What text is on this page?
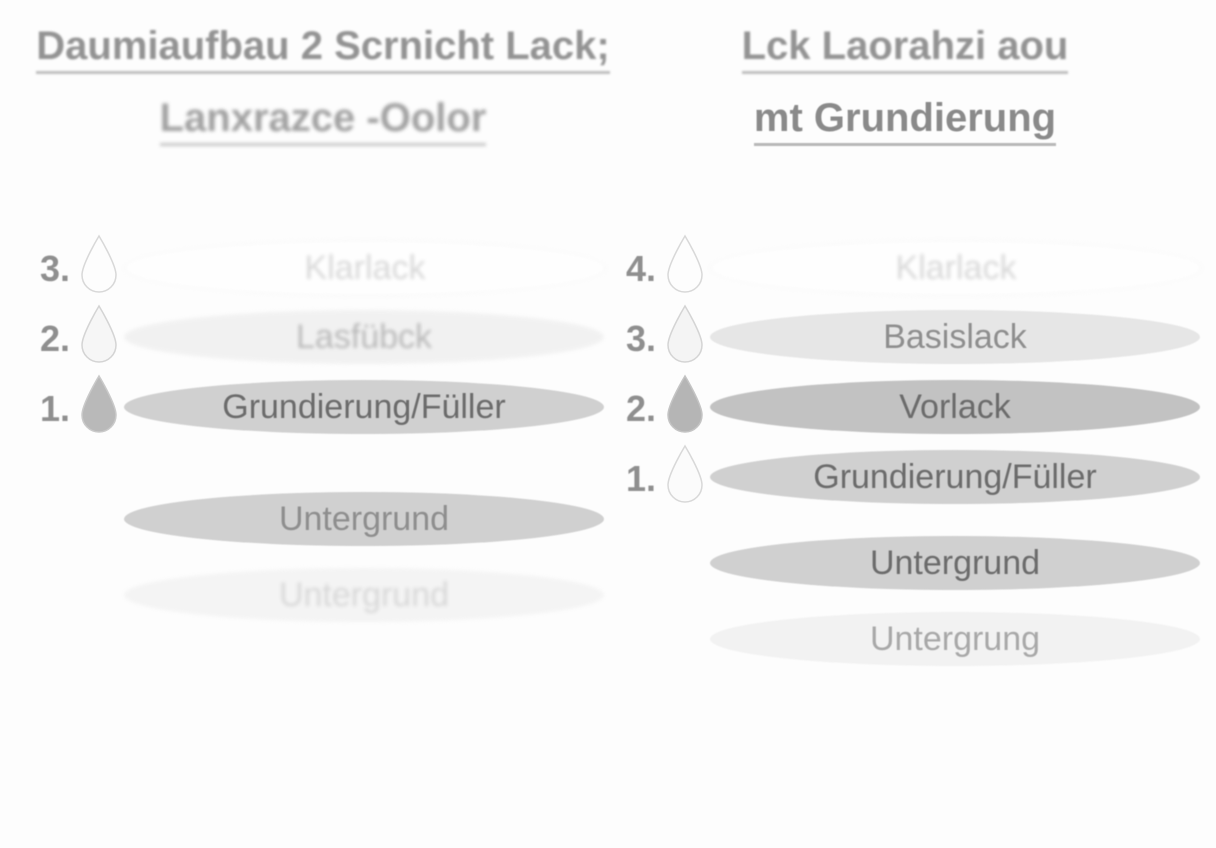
Daumiaufbau 2 Scrnicht Lack;
Lanxrazce -Oolor
Lck Laorahzi aou
mt Grundierung
3.	Klarlack
2.	Lasfübck
1.	Grundierung/Füller
Untergrund
Untergrund
4.	Klarlack
3.	Basislack
2.	Vorlack
1.	Grundierung/Füller
Untergrund
Untergrung
